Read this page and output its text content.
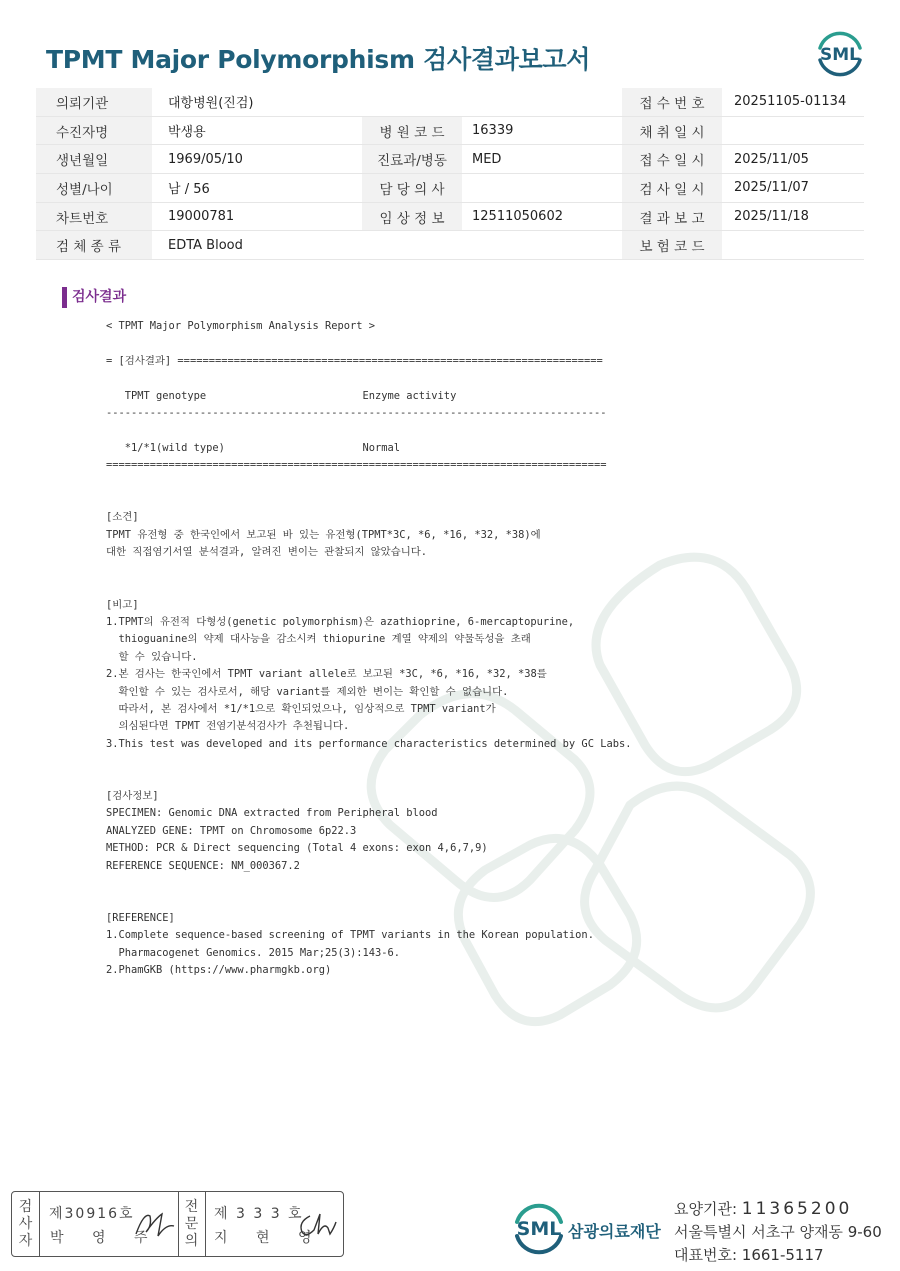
TPMT Major Polymorphism 검사결과보고서	SML
의뢰기관	대항병원(진검)			접 수 번 호	20251105-01134
수진자명	박생용	병 원 코 드	16339	채 취 일 시	
생년월일	1969/05/10	진료과/병동	MED	접 수 일 시	2025/11/05
성별/나이	남 / 56	담 당 의 사		검 사 일 시	2025/11/07
차트번호	19000781	임 상 정 보	12511050602	결 과 보 고	2025/11/18
검 체 종 류	EDTA Blood			보 험 코 드	
검사결과
< TPMT Major Polymorphism Analysis Report >

= [검사결과] ====================================================================

TPMT genotype                         Enzyme activity
--------------------------------------------------------------------------------

*1/*1(wild type)                      Normal
================================================================================

[소견]
TPMT 유전형 중 한국인에서 보고된 바 있는 유전형(TPMT*3C, *6, *16, *32, *38)에
대한 직접염기서열 분석결과, 알려진 변이는 관찰되지 않았습니다.

[비고]
1.TPMT의 유전적 다형성(genetic polymorphism)은 azathioprine, 6-mercaptopurine,
thioguanine의 약제 대사능을 감소시켜 thiopurine 계열 약제의 약물독성을 초래
할 수 있습니다.
2.본 검사는 한국인에서 TPMT variant allele로 보고된 *3C, *6, *16, *32, *38를
확인할 수 있는 검사로서, 해당 variant를 제외한 변이는 확인할 수 없습니다.
따라서, 본 검사에서 *1/*1으로 확인되었으나, 임상적으로 TPMT variant가
의심된다면 TPMT 전염기분석검사가 추천됩니다.
3.This test was developed and its performance characteristics determined by GC Labs.

[검사정보]
SPECIMEN: Genomic DNA extracted from Peripheral blood
ANALYZED GENE: TPMT on Chromosome 6p22.3
METHOD: PCR & Direct sequencing (Total 4 exons: exon 4,6,7,9)
REFERENCE SEQUENCE: NM_000367.2

[REFERENCE]
1.Complete sequence-based screening of TPMT variants in the Korean population.
Pharmacogenet Genomics. 2015 Mar;25(3):143-6.
2.PhamGKB (https://www.pharmgkb.org)
검
사
자
제30916호
박 영 주
전
문
의
제 3 3 3 호
지 현 영	SML 삼광의료재단
요양기관: 11365200
서울특별시 서초구 양재동 9-60
대표번호: 1661-5117
